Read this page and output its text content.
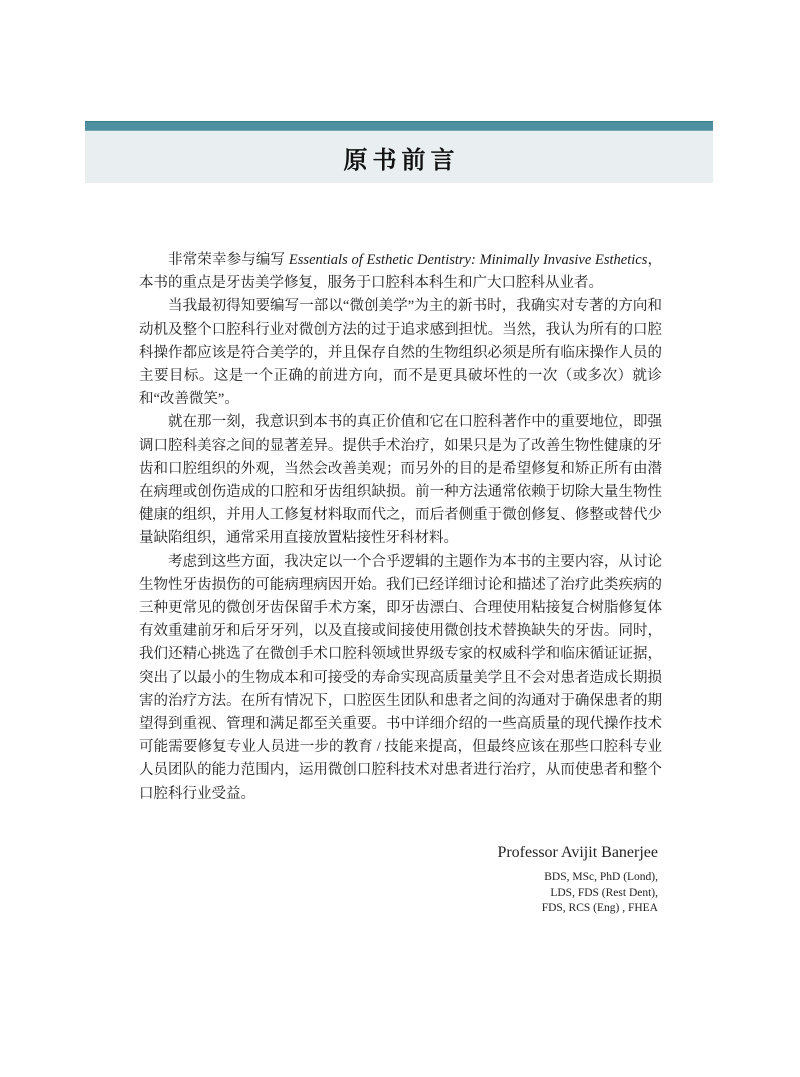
原书前言

非常荣幸参与编写 Essentials of Esthetic Dentistry: Minimally Invasive Esthetics，本书的重点是牙齿美学修复，服务于口腔科本科生和广大口腔科从业者。

当我最初得知要编写一部以“微创美学”为主的新书时，我确实对专著的方向和动机及整个口腔科行业对微创方法的过于追求感到担忧。当然，我认为所有的口腔科操作都应该是符合美学的，并且保存自然的生物组织必须是所有临床操作人员的主要目标。这是一个正确的前进方向，而不是更具破坏性的一次（或多次）就诊和“改善微笑”。

就在那一刻，我意识到本书的真正价值和它在口腔科著作中的重要地位，即强调口腔科美容之间的显著差异。提供手术治疗，如果只是为了改善生物性健康的牙齿和口腔组织的外观，当然会改善美观；而另外的目的是希望修复和矫正所有由潜在病理或创伤造成的口腔和牙齿组织缺损。前一种方法通常依赖于切除大量生物性健康的组织，并用人工修复材料取而代之，而后者侧重于微创修复、修整或替代少量缺陷组织，通常采用直接放置粘接性牙科材料。

考虑到这些方面，我决定以一个合乎逻辑的主题作为本书的主要内容，从讨论生物性牙齿损伤的可能病理病因开始。我们已经详细讨论和描述了治疗此类疾病的三种更常见的微创牙齿保留手术方案，即牙齿漂白、合理使用粘接复合树脂修复体有效重建前牙和后牙牙列，以及直接或间接使用微创技术替换缺失的牙齿。同时，我们还精心挑选了在微创手术口腔科领域世界级专家的权威科学和临床循证证据，突出了以最小的生物成本和可接受的寿命实现高质量美学且不会对患者造成长期损害的治疗方法。在所有情况下，口腔医生团队和患者之间的沟通对于确保患者的期望得到重视、管理和满足都至关重要。书中详细介绍的一些高质量的现代操作技术可能需要修复专业人员进一步的教育 / 技能来提高，但最终应该在那些口腔科专业人员团队的能力范围内，运用微创口腔科技术对患者进行治疗，从而使患者和整个口腔科行业受益。

Professor Avijit Banerjee
BDS, MSc, PhD (Lond),
LDS, FDS (Rest Dent),
FDS, RCS (Eng) , FHEA
